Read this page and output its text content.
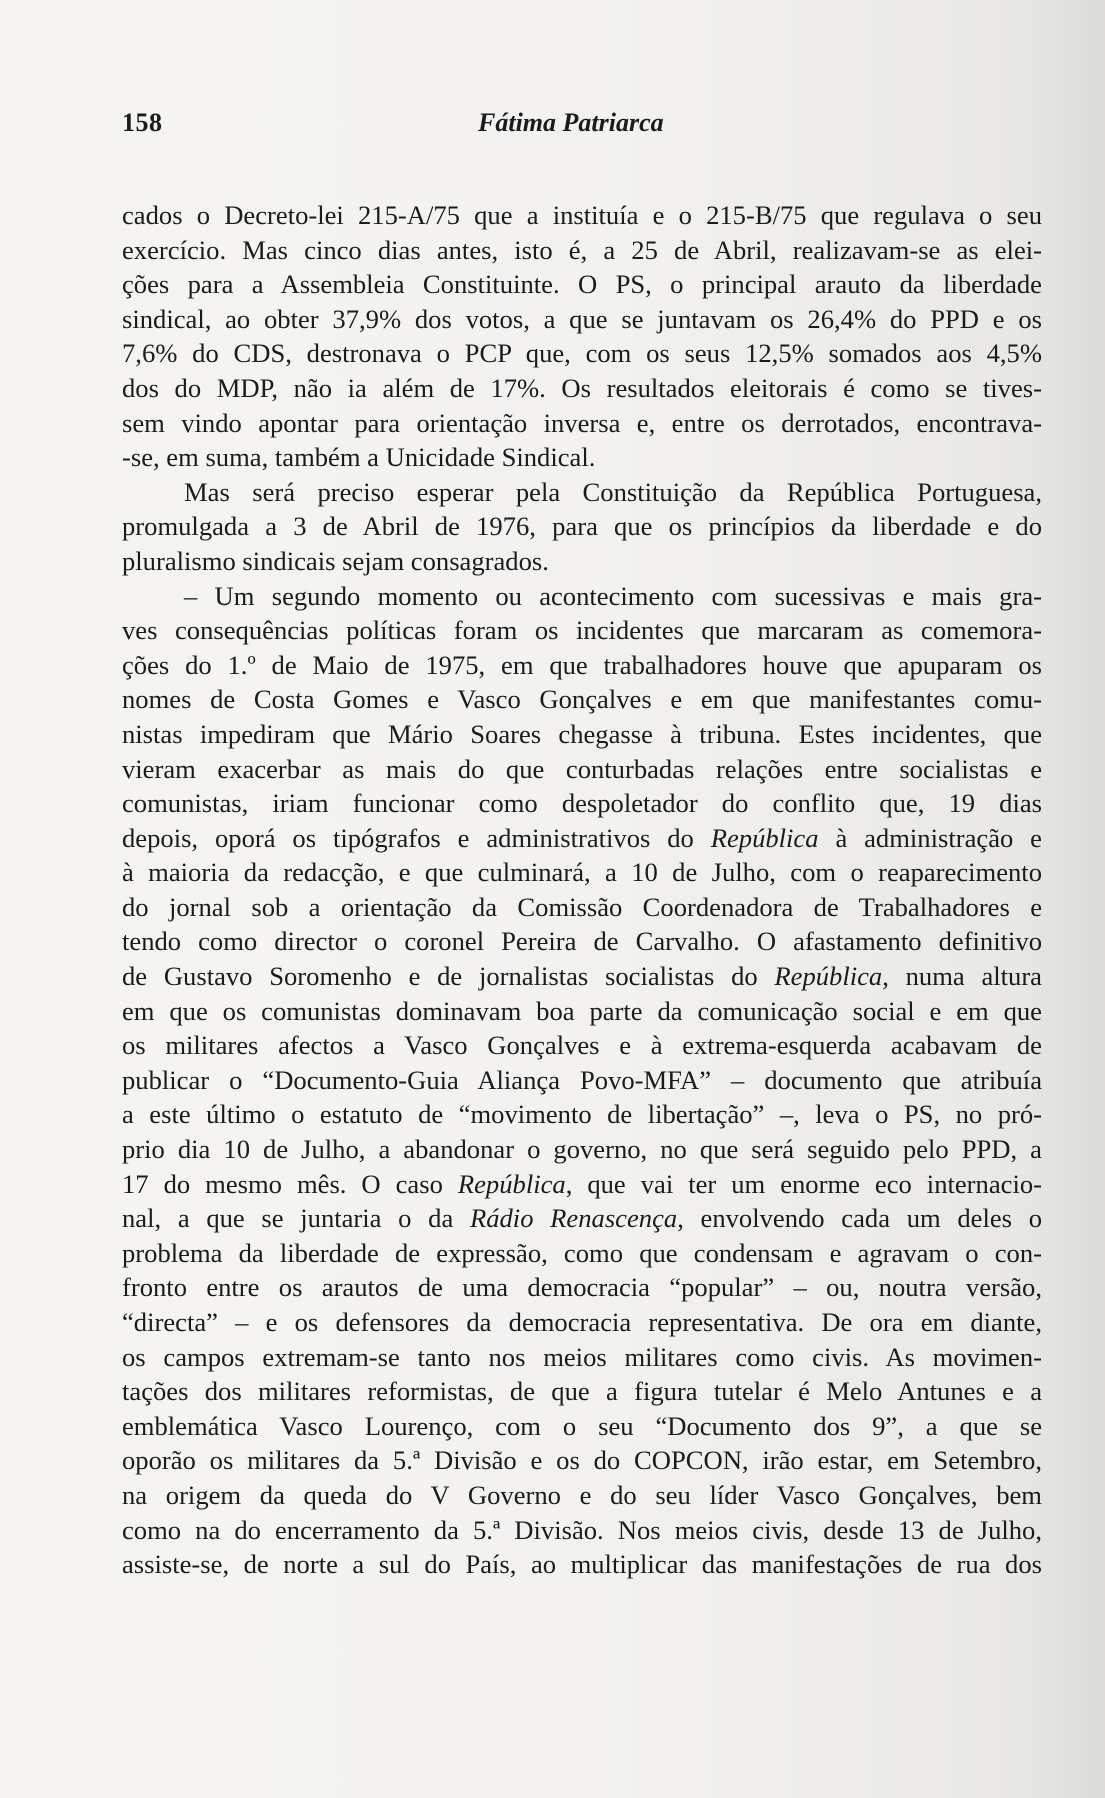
158	Fátima Patriarca
cados o Decreto-lei 215-A/75 que a instituía e o 215-B/75 que regulava o seu
exercício. Mas cinco dias antes, isto é, a 25 de Abril, realizavam-se as elei-
ções para a Assembleia Constituinte. O PS, o principal arauto da liberdade
sindical, ao obter 37,9% dos votos, a que se juntavam os 26,4% do PPD e os
7,6% do CDS, destronava o PCP que, com os seus 12,5% somados aos 4,5%
dos do MDP, não ia além de 17%. Os resultados eleitorais é como se tives-
sem vindo apontar para orientação inversa e, entre os derrotados, encontrava-
-se, em suma, também a Unicidade Sindical.
Mas será preciso esperar pela Constituição da República Portuguesa,
promulgada a 3 de Abril de 1976, para que os princípios da liberdade e do
pluralismo sindicais sejam consagrados.
– Um segundo momento ou acontecimento com sucessivas e mais gra-
ves consequências políticas foram os incidentes que marcaram as comemora-
ções do 1.º de Maio de 1975, em que trabalhadores houve que apuparam os
nomes de Costa Gomes e Vasco Gonçalves e em que manifestantes comu-
nistas impediram que Mário Soares chegasse à tribuna. Estes incidentes, que
vieram exacerbar as mais do que conturbadas relações entre socialistas e
comunistas, iriam funcionar como despoletador do conflito que, 19 dias
depois, oporá os tipógrafos e administrativos do República à administração e
à maioria da redacção, e que culminará, a 10 de Julho, com o reaparecimento
do jornal sob a orientação da Comissão Coordenadora de Trabalhadores e
tendo como director o coronel Pereira de Carvalho. O afastamento definitivo
de Gustavo Soromenho e de jornalistas socialistas do República, numa altura
em que os comunistas dominavam boa parte da comunicação social e em que
os militares afectos a Vasco Gonçalves e à extrema-esquerda acabavam de
publicar o “Documento-Guia Aliança Povo-MFA” – documento que atribuía
a este último o estatuto de “movimento de libertação” –, leva o PS, no pró-
prio dia 10 de Julho, a abandonar o governo, no que será seguido pelo PPD, a
17 do mesmo mês. O caso República, que vai ter um enorme eco internacio-
nal, a que se juntaria o da Rádio Renascença, envolvendo cada um deles o
problema da liberdade de expressão, como que condensam e agravam o con-
fronto entre os arautos de uma democracia “popular” – ou, noutra versão,
“directa” – e os defensores da democracia representativa. De ora em diante,
os campos extremam-se tanto nos meios militares como civis. As movimen-
tações dos militares reformistas, de que a figura tutelar é Melo Antunes e a
emblemática Vasco Lourenço, com o seu “Documento dos 9”, a que se
oporão os militares da 5.ª Divisão e os do COPCON, irão estar, em Setembro,
na origem da queda do V Governo e do seu líder Vasco Gonçalves, bem
como na do encerramento da 5.ª Divisão. Nos meios civis, desde 13 de Julho,
assiste-se, de norte a sul do País, ao multiplicar das manifestações de rua dos
